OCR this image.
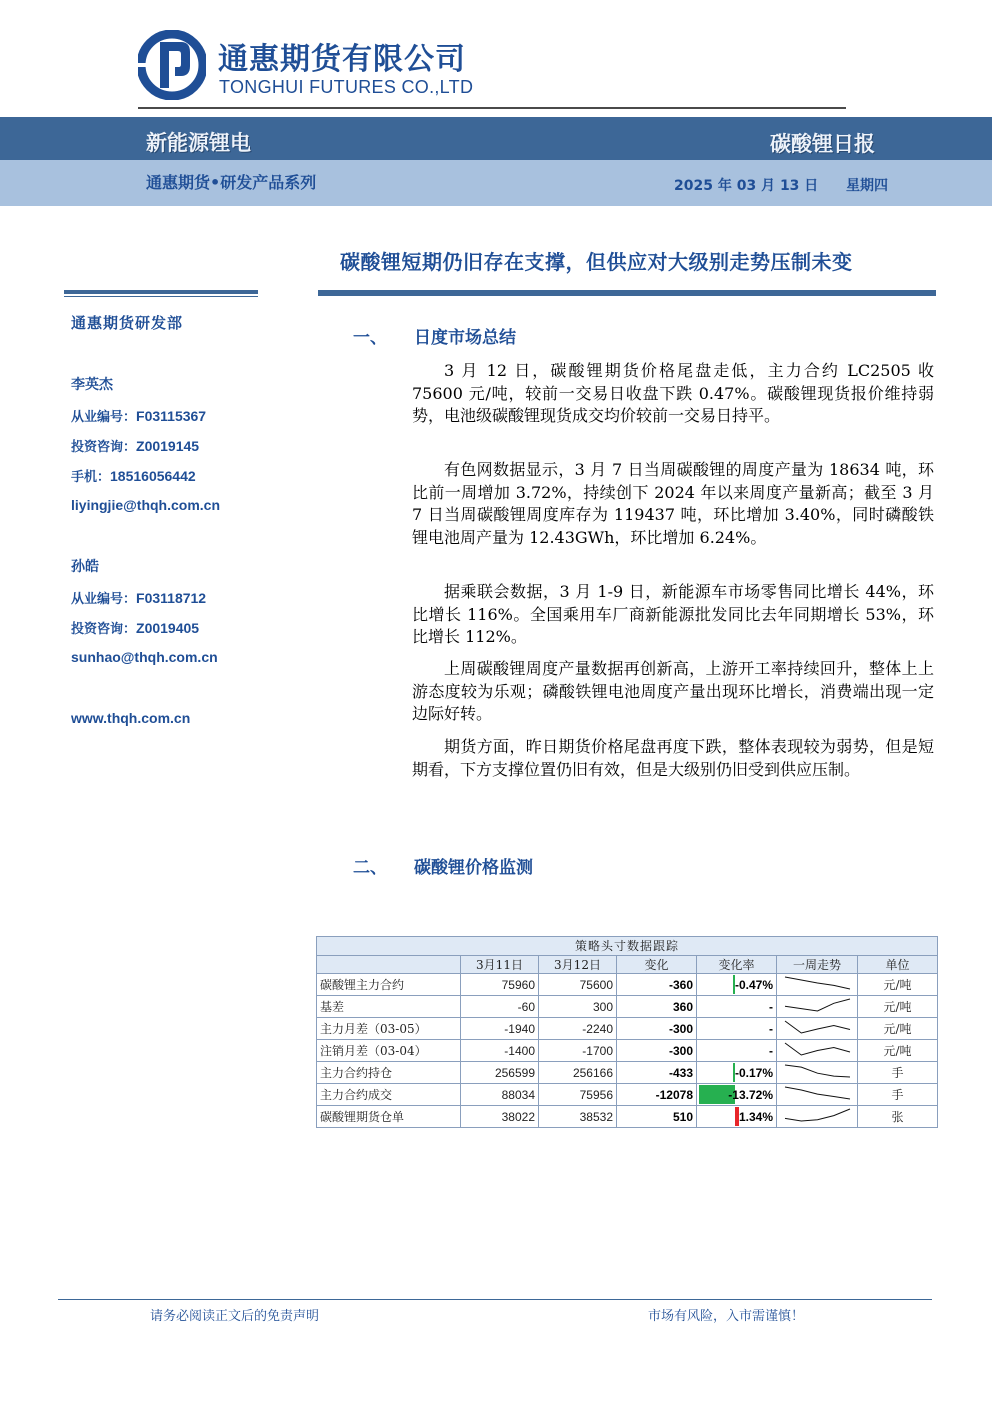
通惠期货有限公司
TONGHUI FUTURES CO.,LTD
新能源锂电	碳酸锂日报
通惠期货•研发产品系列	2025 年 03 月 13 日 星期四
碳酸锂短期仍旧存在支撑，但供应对大级别走势压制未变
通惠期货研发部
李英杰
从业编号：F03115367
投资咨询：Z0019145
手机：18516056442
liyingjie@thqh.com.cn
孙皓
从业编号：F03118712
投资咨询：Z0019405
sunhao@thqh.com.cn
www.thqh.com.cn
一、 日度市场总结

3 月 12 日，碳酸锂期货价格尾盘走低，主力合约 LC2505 收 75600 元/吨，较前一交易日收盘下跌 0.47%。碳酸锂现货报价维持弱势，电池级碳酸锂现货成交均价较前一交易日持平。

有色网数据显示，3 月 7 日当周碳酸锂的周度产量为 18634 吨，环比前一周增加 3.72%，持续创下 2024 年以来周度产量新高；截至 3 月 7 日当周碳酸锂周度库存为 119437 吨，环比增加 3.40%，同时磷酸铁锂电池周产量为 12.43GWh，环比增加 6.24%。

据乘联会数据，3 月 1-9 日，新能源车市场零售同比增长 44%，环比增长 116%。全国乘用车厂商新能源批发同比去年同期增长 53%，环比增长 112%。

上周碳酸锂周度产量数据再创新高，上游开工率持续回升，整体上上游态度较为乐观；磷酸铁锂电池周度产量出现环比增长，消费端出现一定边际好转。

期货方面，昨日期货价格尾盘再度下跌，整体表现较为弱势，但是短期看，下方支撑位置仍旧有效，但是大级别仍旧受到供应压制。

二、 碳酸锂价格监测
策略头寸数据跟踪						
	3月11日	3月12日	变化	变化率	一周走势	单位
碳酸锂主力合约	75960	75600	-360	-0.47%		元/吨
基差	-60	300	360	-		元/吨
主力月差（03-05）	-1940	-2240	-300	-		元/吨
注销月差（03-04）	-1400	-1700	-300	-		元/吨
主力合约持仓	256599	256166	-433	-0.17%		手
主力合约成交	88034	75956	-12078	-13.72%		手
碳酸锂期货仓单	38022	38532	510	1.34%		张
请务必阅读正文后的免责声明	市场有风险，入市需谨慎！
